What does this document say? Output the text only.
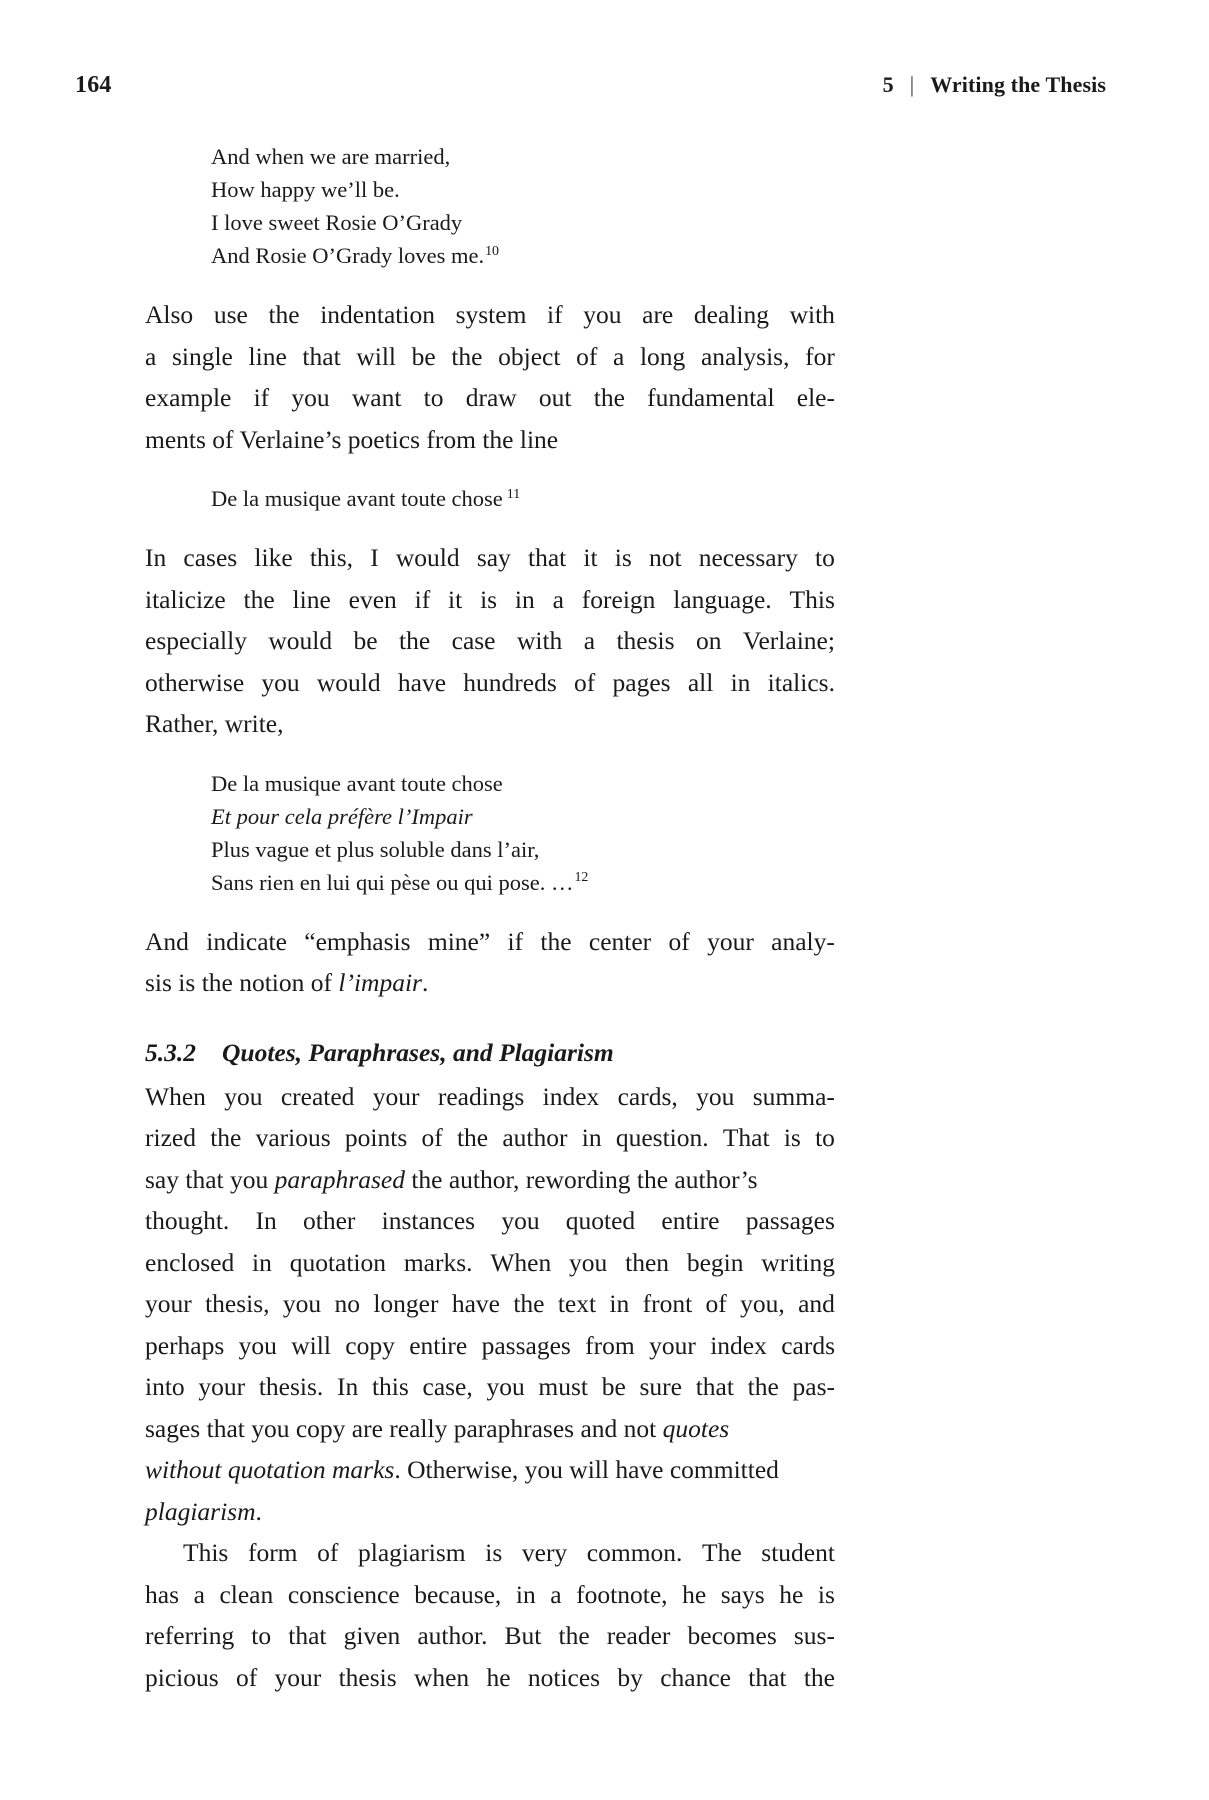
164	5 | Writing the Thesis
And when we are married,
How happy we’ll be.
I love sweet Rosie O’Grady
And Rosie O’Grady loves me.$^{10}$
Also use the indentation system if you are dealing with
a single line that will be the object of a long analysis, for
example if you want to draw out the fundamental ele-
ments of Verlaine’s poetics from the line
De la musique avant toute chose $^{11}$
In cases like this, I would say that it is not necessary to
italicize the line even if it is in a foreign language. This
especially would be the case with a thesis on Verlaine;
otherwise you would have hundreds of pages all in italics.
Rather, write,
De la musique avant toute chose
Et pour cela préfère l’Impair
Plus vague et plus soluble dans l’air,
Sans rien en lui qui pèse ou qui pose. …$^{12}$
And indicate “emphasis mine” if the center of your analy-
sis is the notion of l’impair.
5.3.2 Quotes, Paraphrases, and Plagiarism
When you created your readings index cards, you summa-
rized the various points of the author in question. That is to
say that you paraphrased the author, rewording the author’s
thought. In other instances you quoted entire passages
enclosed in quotation marks. When you then begin writing
your thesis, you no longer have the text in front of you, and
perhaps you will copy entire passages from your index cards
into your thesis. In this case, you must be sure that the pas-
sages that you copy are really paraphrases and not quotes
without quotation marks. Otherwise, you will have committed
plagiarism.
This form of plagiarism is very common. The student
has a clean conscience because, in a footnote, he says he is
referring to that given author. But the reader becomes sus-
picious of your thesis when he notices by chance that the
